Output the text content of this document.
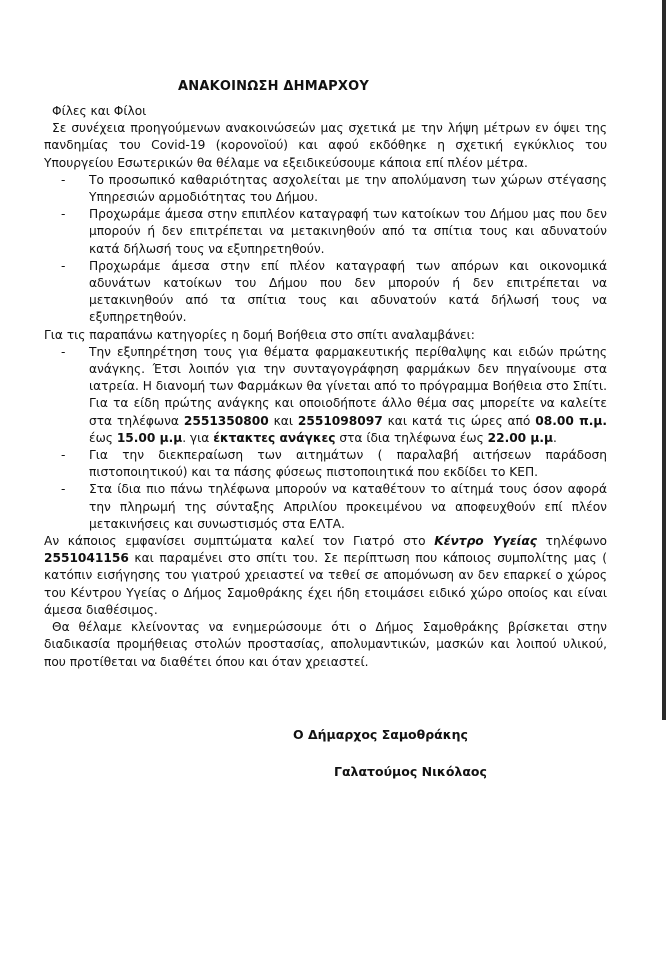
ΑΝΑΚΟΙΝΩΣΗ ΔΗΜΑΡΧΟΥ

Φίλες και Φίλοι

Σε συνέχεια προηγούμενων ανακοινώσεών μας σχετικά με την λήψη μέτρων εν όψει της πανδημίας του Covid-19 (κορονοϊού) και αφού εκδόθηκε η σχετική εγκύκλιος του Υπουργείου Εσωτερικών θα θέλαμε να εξειδικεύσουμε κάποια επί πλέον μέτρα.

- Το προσωπικό καθαριότητας ασχολείται με την απολύμανση των χώρων στέγασης Υπηρεσιών αρμοδιότητας του Δήμου.
- Προχωράμε άμεσα στην επιπλέον καταγραφή των κατοίκων του Δήμου μας που δεν μπορούν ή δεν επιτρέπεται να μετακινηθούν από τα σπίτια τους και αδυνατούν κατά δήλωσή τους να εξυπηρετηθούν.
- Προχωράμε άμεσα στην επί πλέον καταγραφή των απόρων και οικονομικά αδυνάτων κατοίκων του Δήμου που δεν μπορούν ή δεν επιτρέπεται να μετακινηθούν από τα σπίτια τους και αδυνατούν κατά δήλωσή τους να εξυπηρετηθούν.

Για τις παραπάνω κατηγορίες η δομή Βοήθεια στο σπίτι αναλαμβάνει:

- Την εξυπηρέτηση τους για θέματα φαρμακευτικής περίθαλψης και ειδών πρώτης ανάγκης. Έτσι λοιπόν για την συνταγογράφηση φαρμάκων δεν πηγαίνουμε στα ιατρεία. Η διανομή των Φαρμάκων θα γίνεται από το πρόγραμμα Βοήθεια στο Σπίτι. Για τα είδη πρώτης ανάγκης και οποιοδήποτε άλλο θέμα σας μπορείτε να καλείτε στα τηλέφωνα 2551350800 και 2551098097 και κατά τις ώρες από 08.00 π.μ. έως 15.00 μ.μ. για έκτακτες ανάγκες στα ίδια τηλέφωνα έως 22.00 μ.μ.
- Για την διεκπεραίωση των αιτημάτων ( παραλαβή αιτήσεων παράδοση πιστοποιητικού) και τα πάσης φύσεως πιστοποιητικά που εκδίδει το ΚΕΠ.
- Στα ίδια πιο πάνω τηλέφωνα μπορούν να καταθέτουν το αίτημά τους όσον αφορά την πληρωμή της σύνταξης Απριλίου προκειμένου να αποφευχθούν επί πλέον μετακινήσεις και συνωστισμός στα ΕΛΤΑ.

Αν κάποιος εμφανίσει συμπτώματα καλεί τον Γιατρό στο Κέντρο Υγείας τηλέφωνο 2551041156 και παραμένει στο σπίτι του. Σε περίπτωση που κάποιος συμπολίτης μας ( κατόπιν εισήγησης του γιατρού χρειαστεί να τεθεί σε απομόνωση αν δεν επαρκεί ο χώρος του Κέντρου Υγείας ο Δήμος Σαμοθράκης έχει ήδη ετοιμάσει ειδικό χώρο οποίος και είναι άμεσα διαθέσιμος.

Θα θέλαμε κλείνοντας να ενημερώσουμε ότι ο Δήμος Σαμοθράκης βρίσκεται στην διαδικασία προμήθειας στολών προστασίας, απολυμαντικών, μασκών και λοιπού υλικού, που προτίθεται να διαθέτει όπου και όταν χρειαστεί.

Ο Δήμαρχος Σαμοθράκης
Γαλατούμος Νικόλαος
